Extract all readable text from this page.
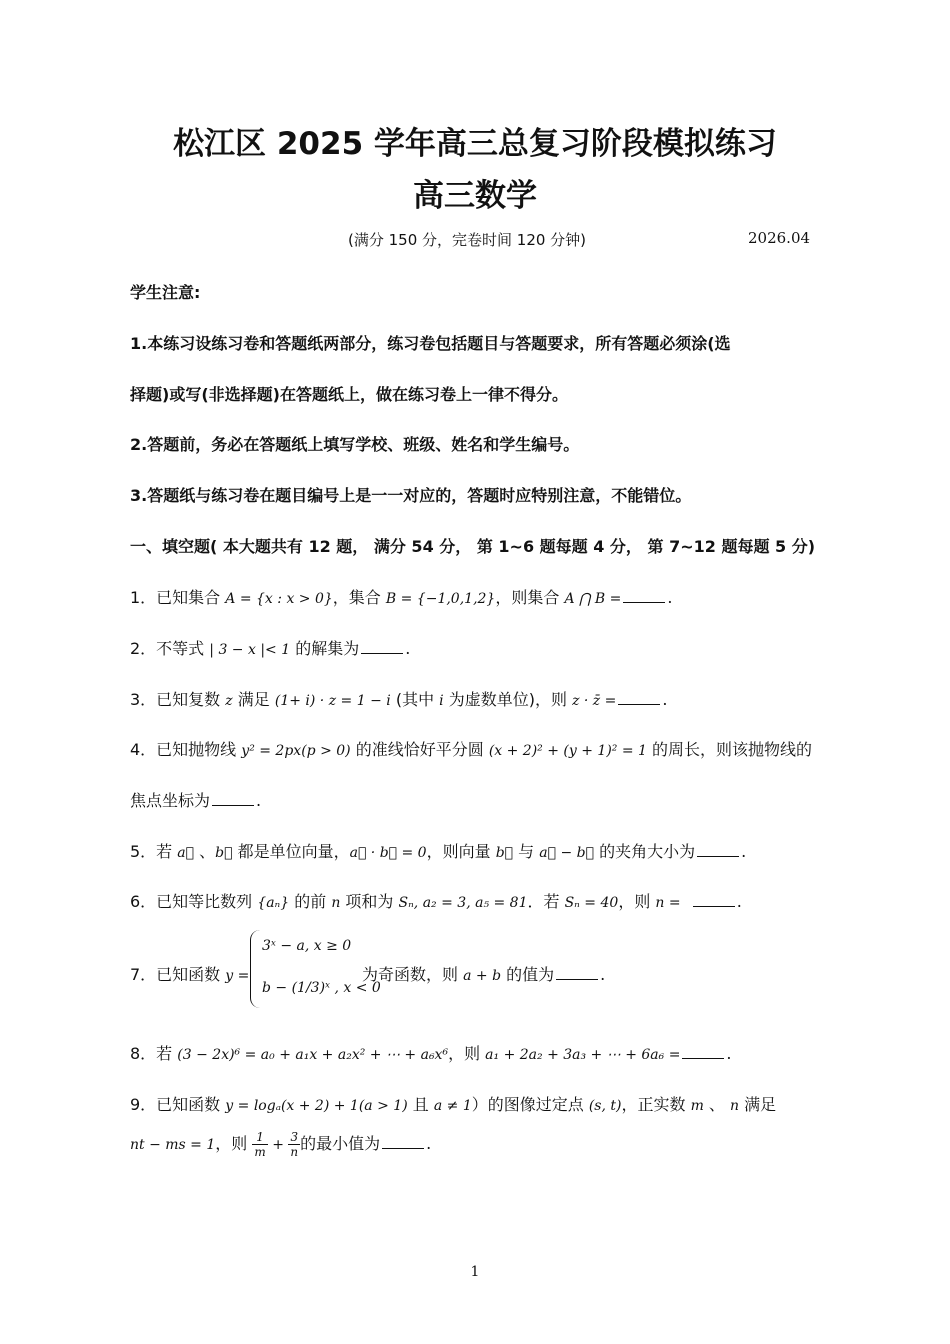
松江区 2025 学年高三总复习阶段模拟练习
高三数学
(满分 150 分，完卷时间 120 分钟)	2026.04
学生注意:
1.本练习设练习卷和答题纸两部分，练习卷包括题目与答题要求，所有答题必须涂(选
择题)或写(非选择题)在答题纸上，做在练习卷上一律不得分。
2.答题前，务必在答题纸上填写学校、班级、姓名和学生编号。
3.答题纸与练习卷在题目编号上是一一对应的，答题时应特别注意，不能错位。
一、填空题( 本大题共有 12 题， 满分 54 分， 第 1~6 题每题 4 分， 第 7~12 题每题 5 分)
1．已知集合 A = {x : x > 0}，集合 B = {−1,0,1,2}，则集合 A ⋂ B =	.
2．不等式 | 3 − x |< 1 的解集为	.
3．已知复数 z 满足 (1+ i) · z = 1 − i (其中 i 为虚数单位)，则 z · z̄ =	.
4．已知抛物线 y² = 2px(p > 0) 的准线恰好平分圆 (x + 2)² + (y + 1)² = 1 的周长，则该抛物线的
焦点坐标为	.
5．若 a⃗ 、b⃗ 都是单位向量，a⃗ · b⃗ = 0，则向量 b⃗ 与 a⃗ − b⃗ 的夹角大小为	.
6．已知等比数列 {aₙ} 的前 n 项和为 Sₙ, a₂ = 3, a₅ = 81．若 Sₙ = 40，则 n =	.
7．已知函数 y =
3ˣ − a, x ≥ 0
b − (1/3)ˣ , x < 0
为奇函数，则 a + b 的值为	.
8．若 (3 − 2x)⁶ = a₀ + a₁x + a₂x² + ⋯ + a₆x⁶，则 a₁ + 2a₂ + 3a₃ + ⋯ + 6a₆ =	.
9．已知函数 y = logₐ(x + 2) + 1(a > 1) 且 a ≠ 1）的图像过定点 (s, t)，正实数 m 、 n 满足
nt − ms = 1，则 $\frac{1}{m} + \frac{3}{n}$ 的最小值为	.
1
